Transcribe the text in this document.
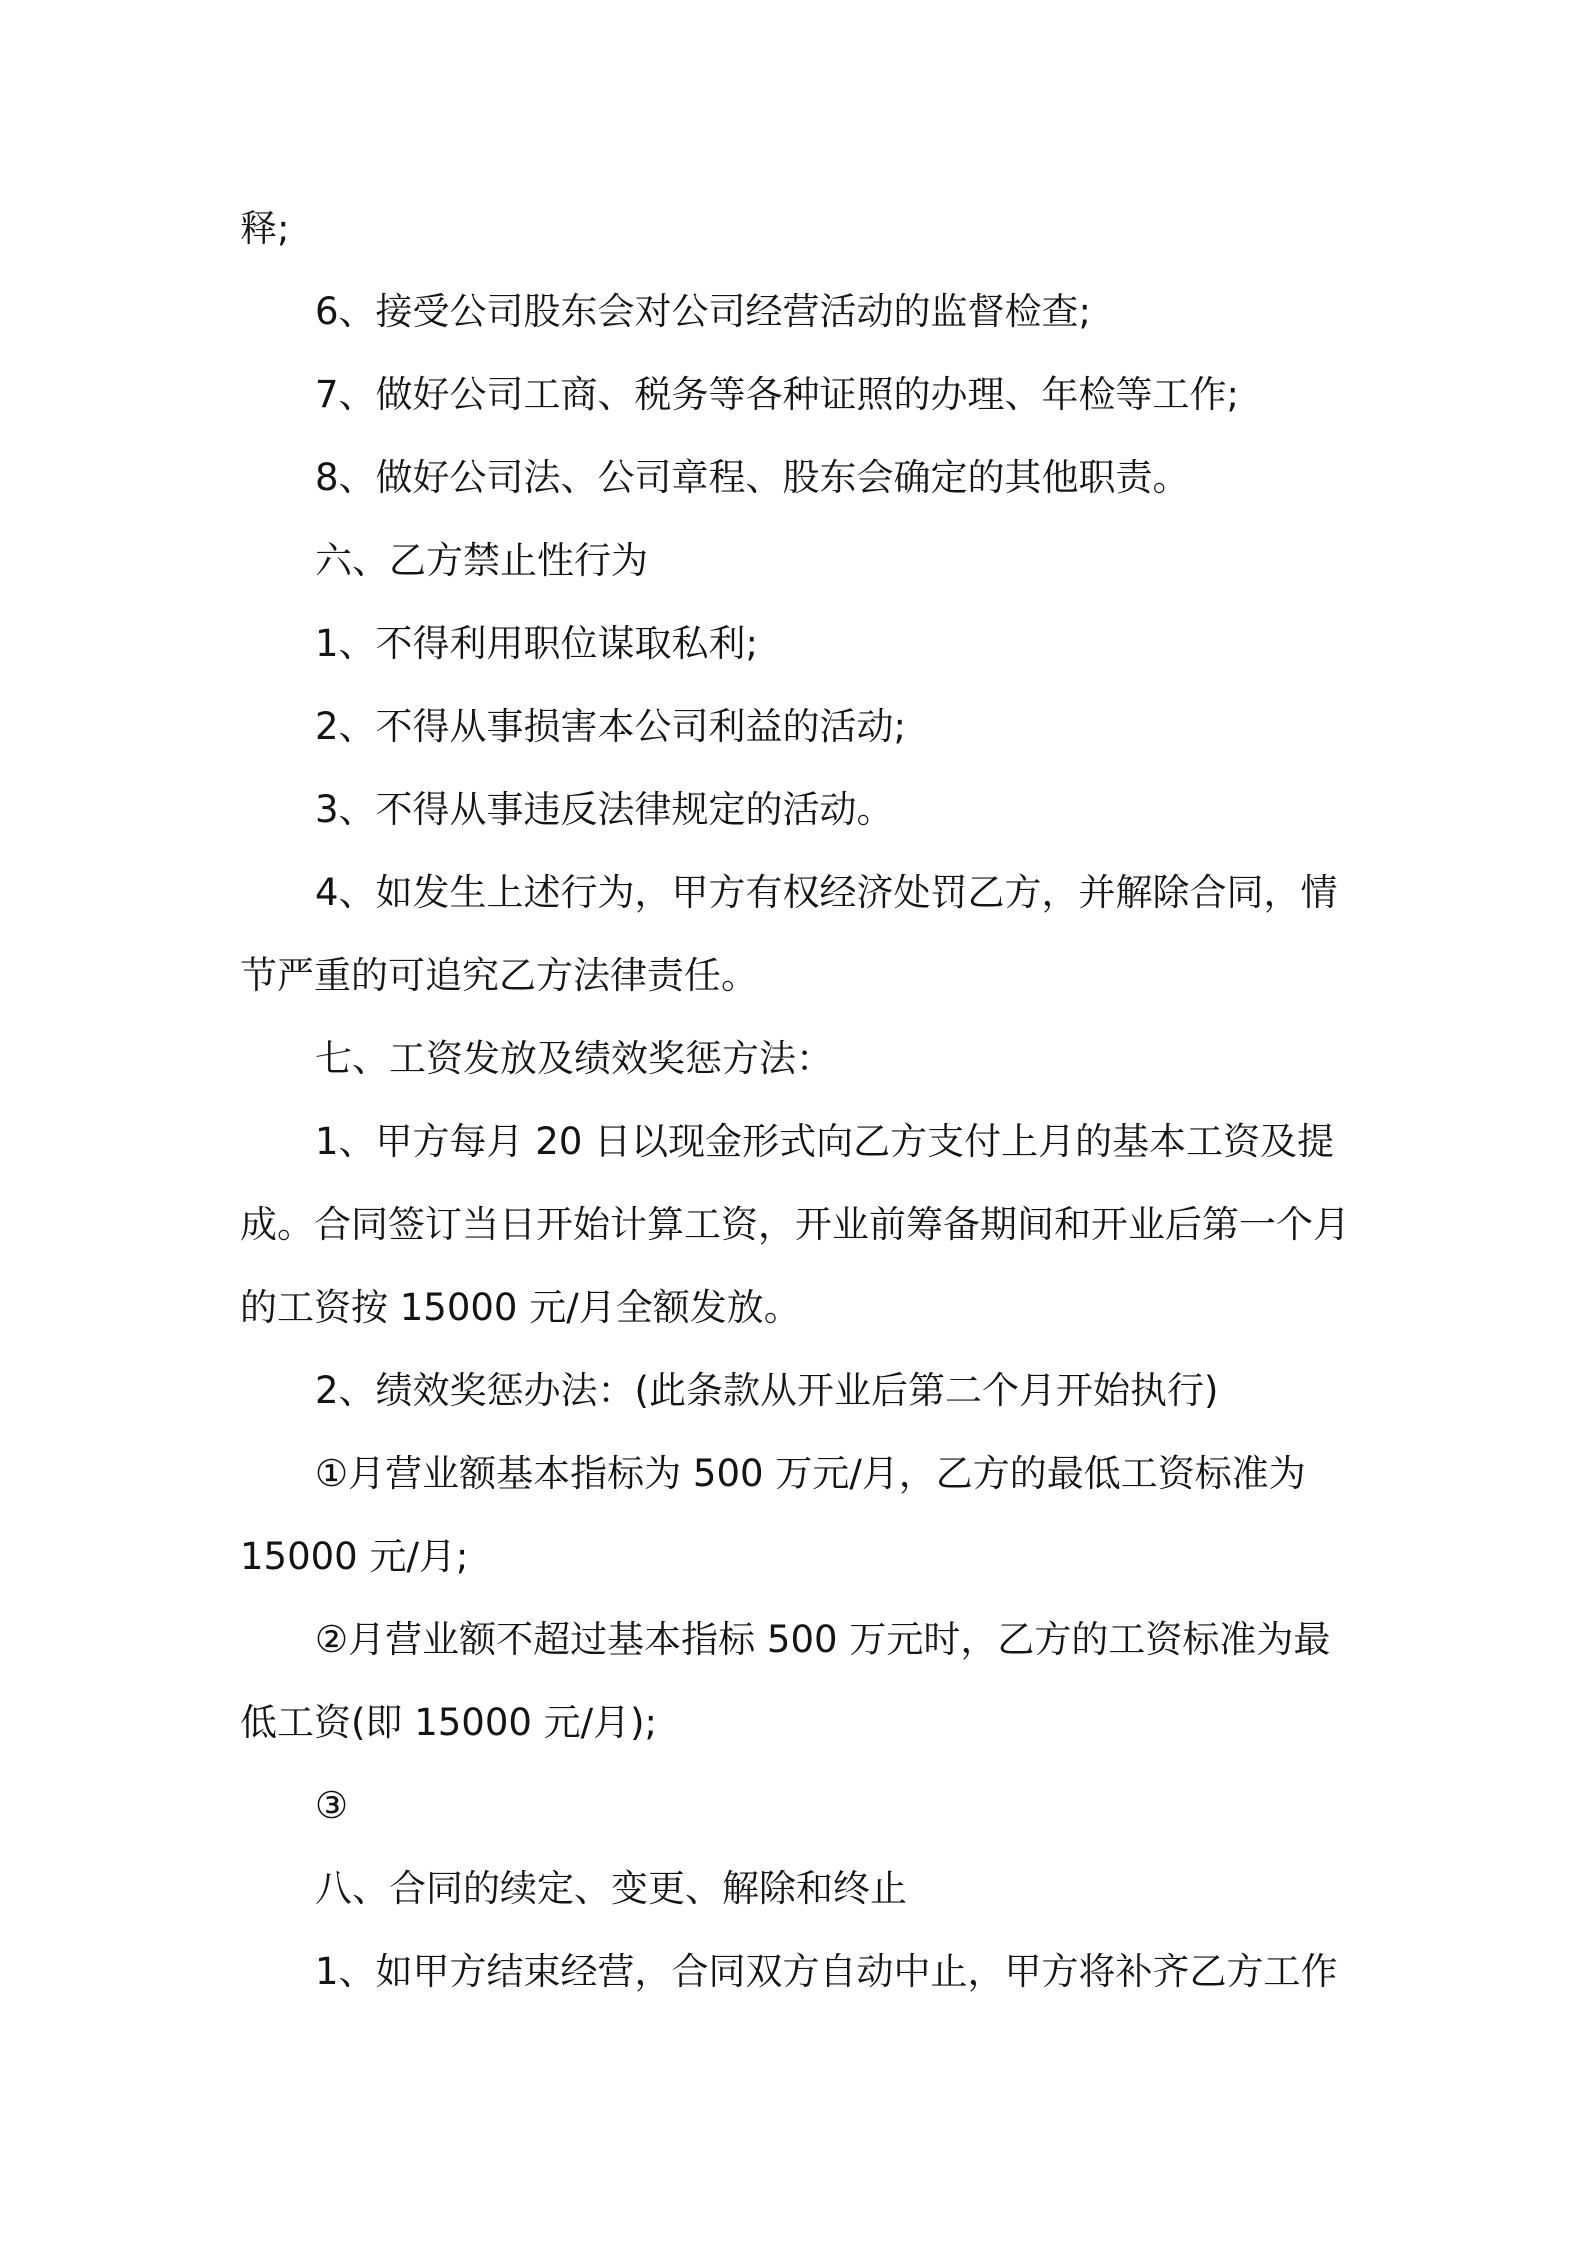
释;

6、接受公司股东会对公司经营活动的监督检查;

7、做好公司工商、税务等各种证照的办理、年检等工作;

8、做好公司法、公司章程、股东会确定的其他职责。

六、乙方禁止性行为

1、不得利用职位谋取私利;

2、不得从事损害本公司利益的活动;

3、不得从事违反法律规定的活动。

4、如发生上述行为，甲方有权经济处罚乙方，并解除合同，情

节严重的可追究乙方法律责任。

七、工资发放及绩效奖惩方法：

1、甲方每月 20 日以现金形式向乙方支付上月的基本工资及提

成。合同签订当日开始计算工资，开业前筹备期间和开业后第一个月

的工资按 15000 元/月全额发放。

2、绩效奖惩办法：(此条款从开业后第二个月开始执行)

①月营业额基本指标为 500 万元/月，乙方的最低工资标准为

15000 元/月;

②月营业额不超过基本指标 500 万元时，乙方的工资标准为最

低工资(即 15000 元/月);

③

八、合同的续定、变更、解除和终止

1、如甲方结束经营，合同双方自动中止，甲方将补齐乙方工作
